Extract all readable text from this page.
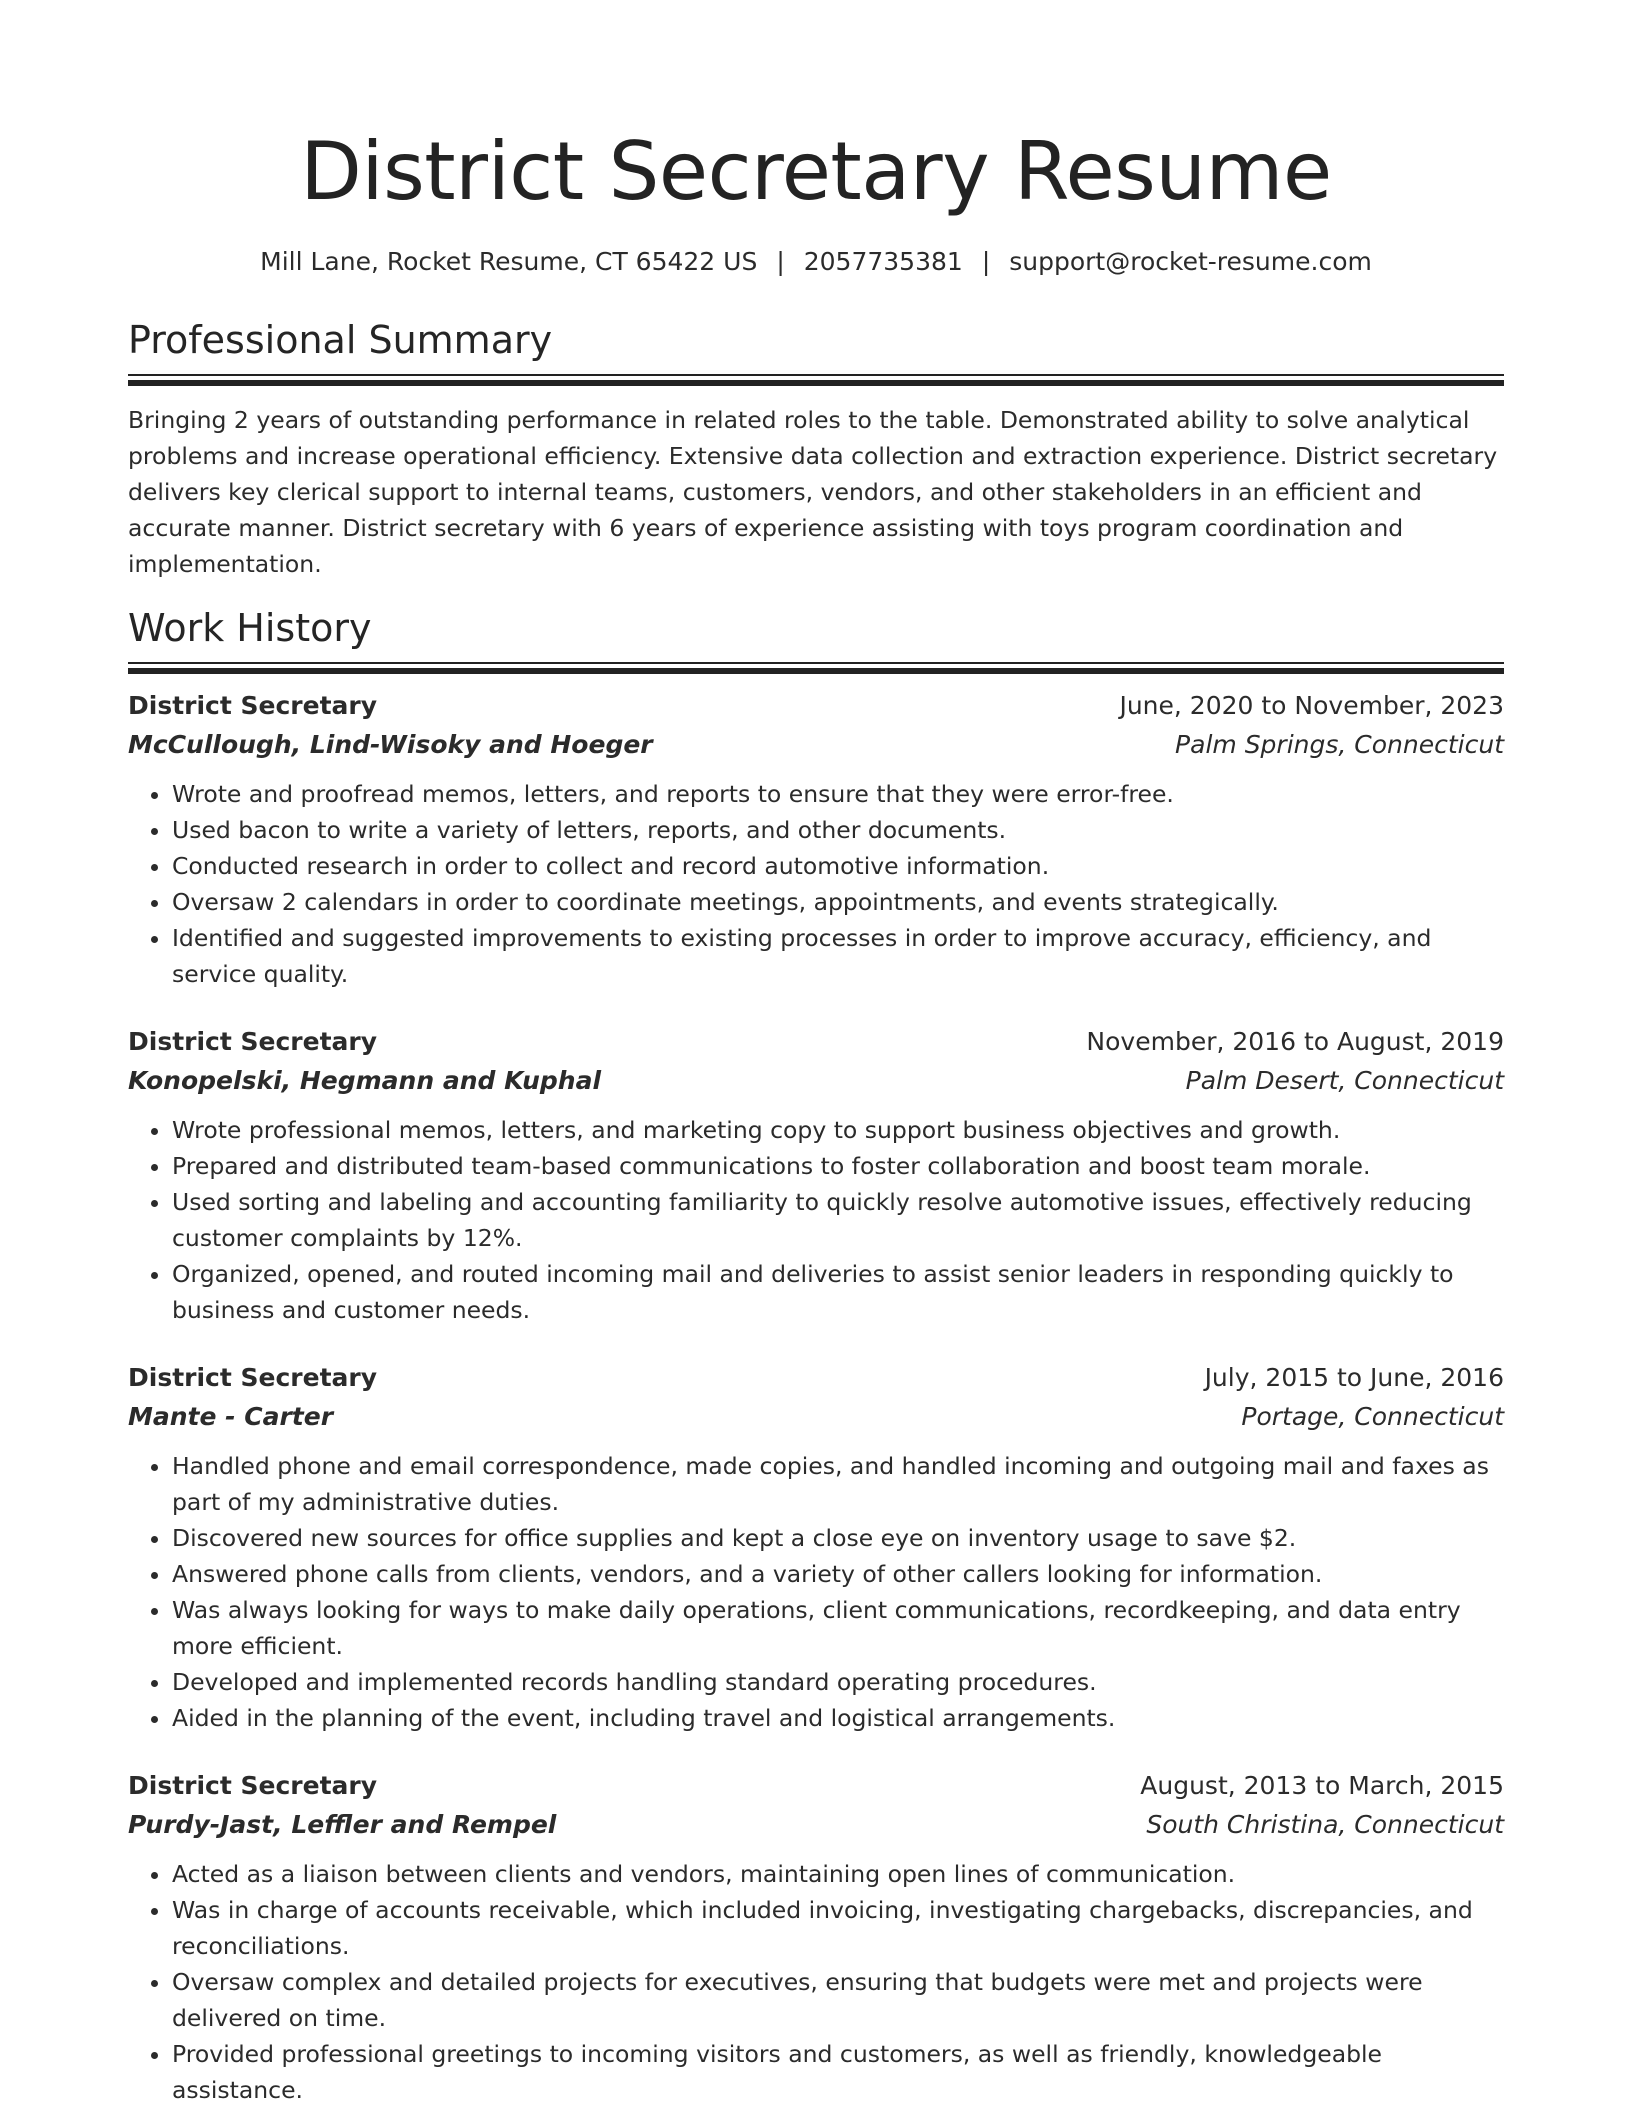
District Secretary Resume
Mill Lane, Rocket Resume, CT 65422 US | 2057735381 | support@rocket-resume.com
Professional Summary

Bringing 2 years of outstanding performance in related roles to the table. Demonstrated ability to solve analytical problems and increase operational efficiency. Extensive data collection and extraction experience. District secretary delivers key clerical support to internal teams, customers, vendors, and other stakeholders in an efficient and accurate manner. District secretary with 6 years of experience assisting with toys program coordination and implementation.

Work History
District Secretary	June, 2020 to November, 2023
McCullough, Lind-Wisoky and Hoeger	Palm Springs, Connecticut
• Wrote and proofread memos, letters, and reports to ensure that they were error-free.
• Used bacon to write a variety of letters, reports, and other documents.
• Conducted research in order to collect and record automotive information.
• Oversaw 2 calendars in order to coordinate meetings, appointments, and events strategically.
• Identified and suggested improvements to existing processes in order to improve accuracy, efficiency, and service quality.
District Secretary	November, 2016 to August, 2019
Konopelski, Hegmann and Kuphal	Palm Desert, Connecticut
• Wrote professional memos, letters, and marketing copy to support business objectives and growth.
• Prepared and distributed team-based communications to foster collaboration and boost team morale.
• Used sorting and labeling and accounting familiarity to quickly resolve automotive issues, effectively reducing customer complaints by 12%.
• Organized, opened, and routed incoming mail and deliveries to assist senior leaders in responding quickly to business and customer needs.
District Secretary	July, 2015 to June, 2016
Mante - Carter	Portage, Connecticut
• Handled phone and email correspondence, made copies, and handled incoming and outgoing mail and faxes as part of my administrative duties.
• Discovered new sources for office supplies and kept a close eye on inventory usage to save $2.
• Answered phone calls from clients, vendors, and a variety of other callers looking for information.
• Was always looking for ways to make daily operations, client communications, recordkeeping, and data entry more efficient.
• Developed and implemented records handling standard operating procedures.
• Aided in the planning of the event, including travel and logistical arrangements.
District Secretary	August, 2013 to March, 2015
Purdy-Jast, Leffler and Rempel	South Christina, Connecticut
• Acted as a liaison between clients and vendors, maintaining open lines of communication.
• Was in charge of accounts receivable, which included invoicing, investigating chargebacks, discrepancies, and reconciliations.
• Oversaw complex and detailed projects for executives, ensuring that budgets were met and projects were delivered on time.
• Provided professional greetings to incoming visitors and customers, as well as friendly, knowledgeable assistance.
